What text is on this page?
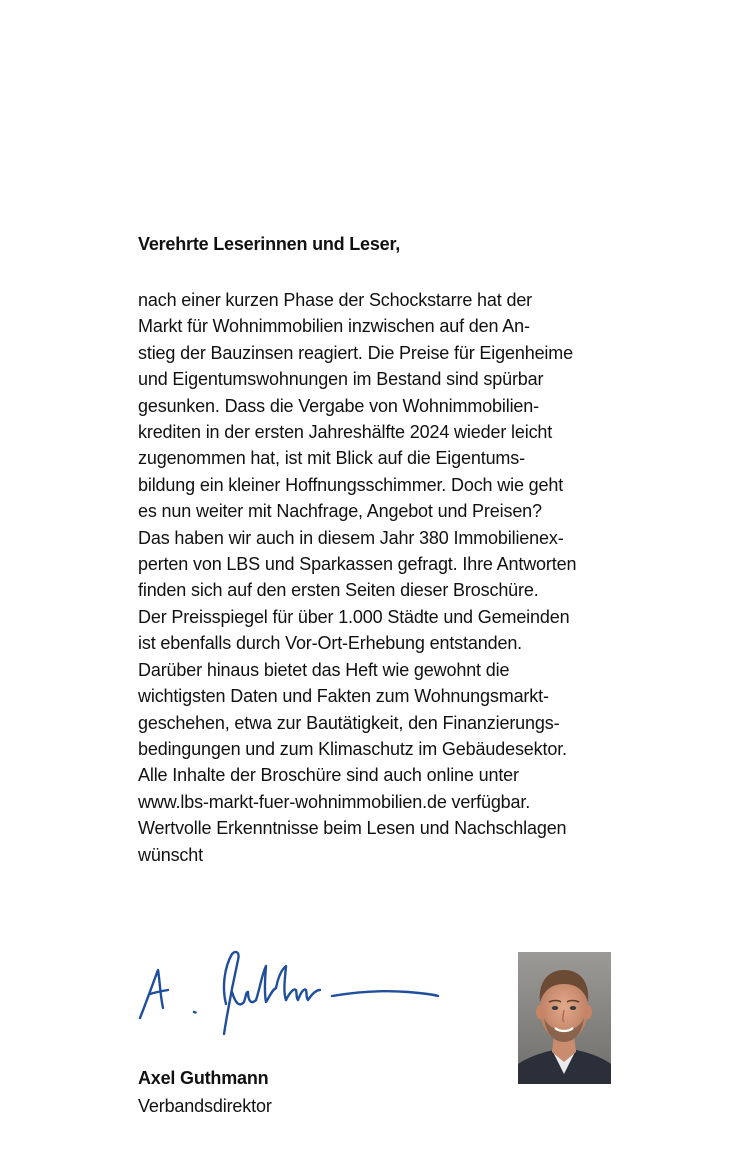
Verehrte Leserinnen und Leser,

nach einer kurzen Phase der Schockstarre hat der
Markt für Wohnimmobilien inzwischen auf den An-
stieg der Bauzinsen reagiert. Die Preise für Eigenheime
und Eigentumswohnungen im Bestand sind spürbar
gesunken. Dass die Vergabe von Wohnimmobilien-
krediten in der ersten Jahreshälfte 2024 wieder leicht
zugenommen hat, ist mit Blick auf die Eigentums-
bildung ein kleiner Hoffnungsschimmer. Doch wie geht
es nun weiter mit Nachfrage, Angebot und Preisen?
Das haben wir auch in diesem Jahr 380 Immobilienex-
perten von LBS und Sparkassen gefragt. Ihre Antworten
finden sich auf den ersten Seiten dieser Broschüre.
Der Preisspiegel für über 1.000 Städte und Gemeinden
ist ebenfalls durch Vor-Ort-Erhebung entstanden.
Darüber hinaus bietet das Heft wie gewohnt die
wichtigsten Daten und Fakten zum Wohnungsmarkt-
geschehen, etwa zur Bautätigkeit, den Finanzierungs-
bedingungen und zum Klimaschutz im Gebäudesektor.
Alle Inhalte der Broschüre sind auch online unter
www.lbs-markt-fuer-wohnimmobilien.de verfügbar.
Wertvolle Erkenntnisse beim Lesen und Nachschlagen
wünscht

Axel Guthmann

Verbandsdirektor
